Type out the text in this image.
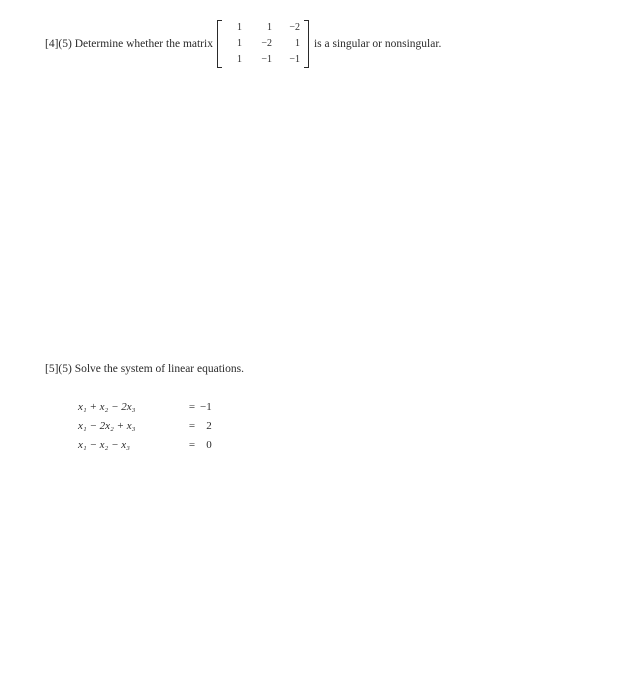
[4](5) Determine whether the matrix
1	1	−2
1	−2	1
1	−1	−1
is a singular or nonsingular.
[5](5) Solve the system of linear equations.
x₁ + x₂ − 2x₃	=	−1
x₁ − 2x₂ + x₃	=	2
x₁ − x₂ − x₃	=	0
